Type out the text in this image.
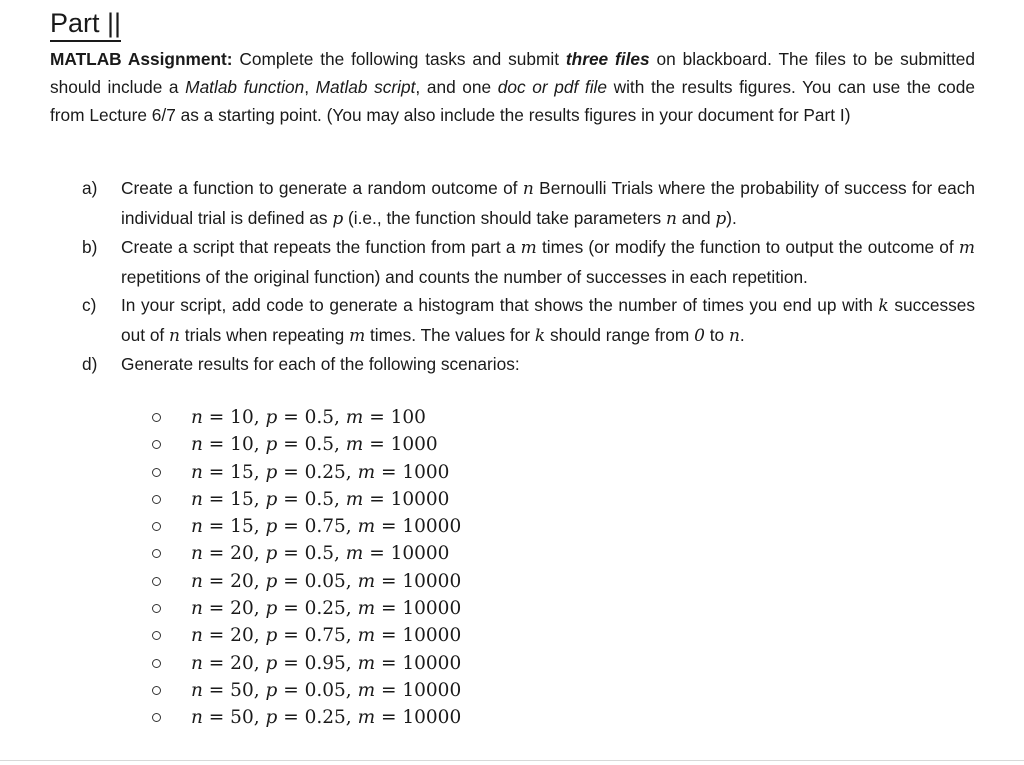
Part ||
MATLAB Assignment: Complete the following tasks and submit three files on blackboard. The files to be submitted should include a Matlab function, Matlab script, and one doc or pdf file with the results figures. You can use the code from Lecture 6/7 as a starting point. (You may also include the results figures in your document for Part I)
a) Create a function to generate a random outcome of n Bernoulli Trials where the probability of success for each individual trial is defined as p (i.e., the function should take parameters n and p).
b) Create a script that repeats the function from part a m times (or modify the function to output the outcome of m repetitions of the original function) and counts the number of successes in each repetition.
c) In your script, add code to generate a histogram that shows the number of times you end up with k successes out of n trials when repeating m times. The values for k should range from 0 to n.
d) Generate results for each of the following scenarios:
n = 10, p = 0.5, m = 100
n = 10, p = 0.5, m = 1000
n = 15, p = 0.25, m = 1000
n = 15, p = 0.5, m = 10000
n = 15, p = 0.75, m = 10000
n = 20, p = 0.5, m = 10000
n = 20, p = 0.05, m = 10000
n = 20, p = 0.25, m = 10000
n = 20, p = 0.75, m = 10000
n = 20, p = 0.95, m = 10000
n = 50, p = 0.05, m = 10000
n = 50, p = 0.25, m = 10000
